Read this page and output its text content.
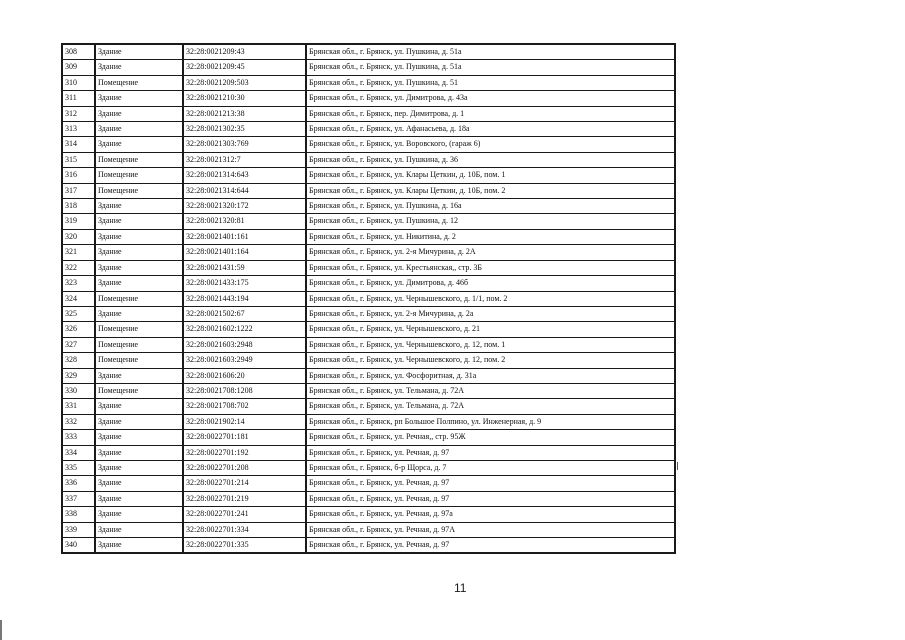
308	Здание	32:28:0021209:43	Брянская обл., г. Брянск, ул. Пушкина, д. 51а
309	Здание	32:28:0021209:45	Брянская обл., г. Брянск, ул. Пушкина, д. 51а
310	Помещение	32:28:0021209:503	Брянская обл., г. Брянск, ул. Пушкина, д. 51
311	Здание	32:28:0021210:30	Брянская обл., г. Брянск, ул. Димитрова, д. 43а
312	Здание	32:28:0021213:38	Брянская обл., г. Брянск, пер. Димитрова, д. 1
313	Здание	32:28:0021302:35	Брянская обл., г. Брянск, ул. Афанасьева, д. 18а
314	Здание	32:28:0021303:769	Брянская обл., г. Брянск, ул. Воровского, (гараж 6)
315	Помещение	32:28:0021312:7	Брянская обл., г. Брянск, ул. Пушкина, д. 36
316	Помещение	32:28:0021314:643	Брянская обл., г. Брянск, ул. Клары Цеткин, д. 10Б, пом. 1
317	Помещение	32:28:0021314:644	Брянская обл., г. Брянск, ул. Клары Цеткин, д. 10Б, пом. 2
318	Здание	32:28:0021320:172	Брянская обл., г. Брянск, ул. Пушкина, д. 16а
319	Здание	32:28:0021320:81	Брянская обл., г. Брянск, ул. Пушкина, д. 12
320	Здание	32:28:0021401:161	Брянская обл., г. Брянск, ул. Никитина, д. 2
321	Здание	32:28:0021401:164	Брянская обл., г. Брянск, ул. 2-я Мичурина, д. 2А
322	Здание	32:28:0021431:59	Брянская обл., г. Брянск, ул. Крестьянская,, стр. 3Б
323	Здание	32:28:0021433:175	Брянская обл., г. Брянск, ул. Димитрова, д. 46б
324	Помещение	32:28:0021443:194	Брянская обл., г. Брянск, ул. Чернышевского, д. 1/1, пом. 2
325	Здание	32:28:0021502:67	Брянская обл., г. Брянск, ул. 2-я Мичурина, д. 2а
326	Помещение	32:28:0021602:1222	Брянская обл., г. Брянск, ул. Чернышевского, д. 21
327	Помещение	32:28:0021603:2948	Брянская обл., г. Брянск, ул. Чернышевского, д. 12, пом. 1
328	Помещение	32:28:0021603:2949	Брянская обл., г. Брянск, ул. Чернышевского, д. 12, пом. 2
329	Здание	32:28:0021606:20	Брянская обл., г. Брянск, ул. Фосфоритная, д. 31а
330	Помещение	32:28:0021708:1208	Брянская обл., г. Брянск, ул. Тельмана, д. 72А
331	Здание	32:28:0021708:702	Брянская обл., г. Брянск, ул. Тельмана, д. 72А
332	Здание	32:28:0021902:14	Брянская обл., г. Брянск, рп Большое Полпино, ул. Инженерная, д. 9
333	Здание	32:28:0022701:181	Брянская обл., г. Брянск, ул. Речная,, стр. 95Ж
334	Здание	32:28:0022701:192	Брянская обл., г. Брянск, ул. Речная, д. 97
335	Здание	32:28:0022701:208	Брянская обл., г. Брянск, б-р Щорса, д. 7
336	Здание	32:28:0022701:214	Брянская обл., г. Брянск, ул. Речная, д. 97
337	Здание	32:28:0022701:219	Брянская обл., г. Брянск, ул. Речная, д. 97
338	Здание	32:28:0022701:241	Брянская обл., г. Брянск, ул. Речная, д. 97а
339	Здание	32:28:0022701:334	Брянская обл., г. Брянск, ул. Речная, д. 97А
340	Здание	32:28:0022701:335	Брянская обл., г. Брянск, ул. Речная, д. 97
11
